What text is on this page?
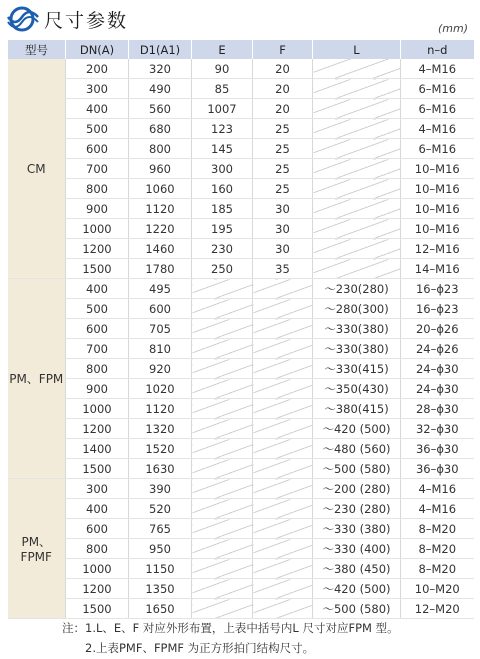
尺寸参数	(mm)
型号	DN(A)	D1(A1)	E	F	L	n–d
CM	200	320	90	20		4–M16
	300	490	85	20		6–M16
	400	560	1007	20		6–M16
	500	680	123	25		4–M16
	600	800	145	25		6–M16
	700	960	300	25		10–M16
	800	1060	160	25		10–M16
	900	1120	185	30		10–M16
	1000	1220	195	30		10–M16
	1200	1460	230	30		12–M16
	1500	1780	250	35		14–M16
PM、FPM	400	495			～230(280)	16–ϕ23
	500	600			～280(300)	16–ϕ23
	600	705			～330(380)	20–ϕ26
	700	810			～330(380)	24–ϕ26
	800	920			～330(415)	24–ϕ30
	900	1020			～350(430)	24–ϕ30
	1000	1120			～380(415)	28–ϕ30
	1200	1320			～420 (500)	32–ϕ30
	1400	1520			～480 (560)	36–ϕ30
	1500	1630			～500 (580)	36–ϕ30
PM、FPMF	300	390			～200 (280)	4–M16
	400	520			～230 (280)	4–M16
	600	765			～330 (380)	8–M20
	800	950			～330 (400)	8–M20
	1000	1150			～380 (450)	8–M20
	1200	1350			～420 (500)	10–M20
	1500	1650			～500 (580)	12–M20
注：1.L、E、F 对应外形布置，上表中括号内L 尺寸对应FPM 型。
2.上表PMF、FPMF 为正方形拍门结构尺寸。
